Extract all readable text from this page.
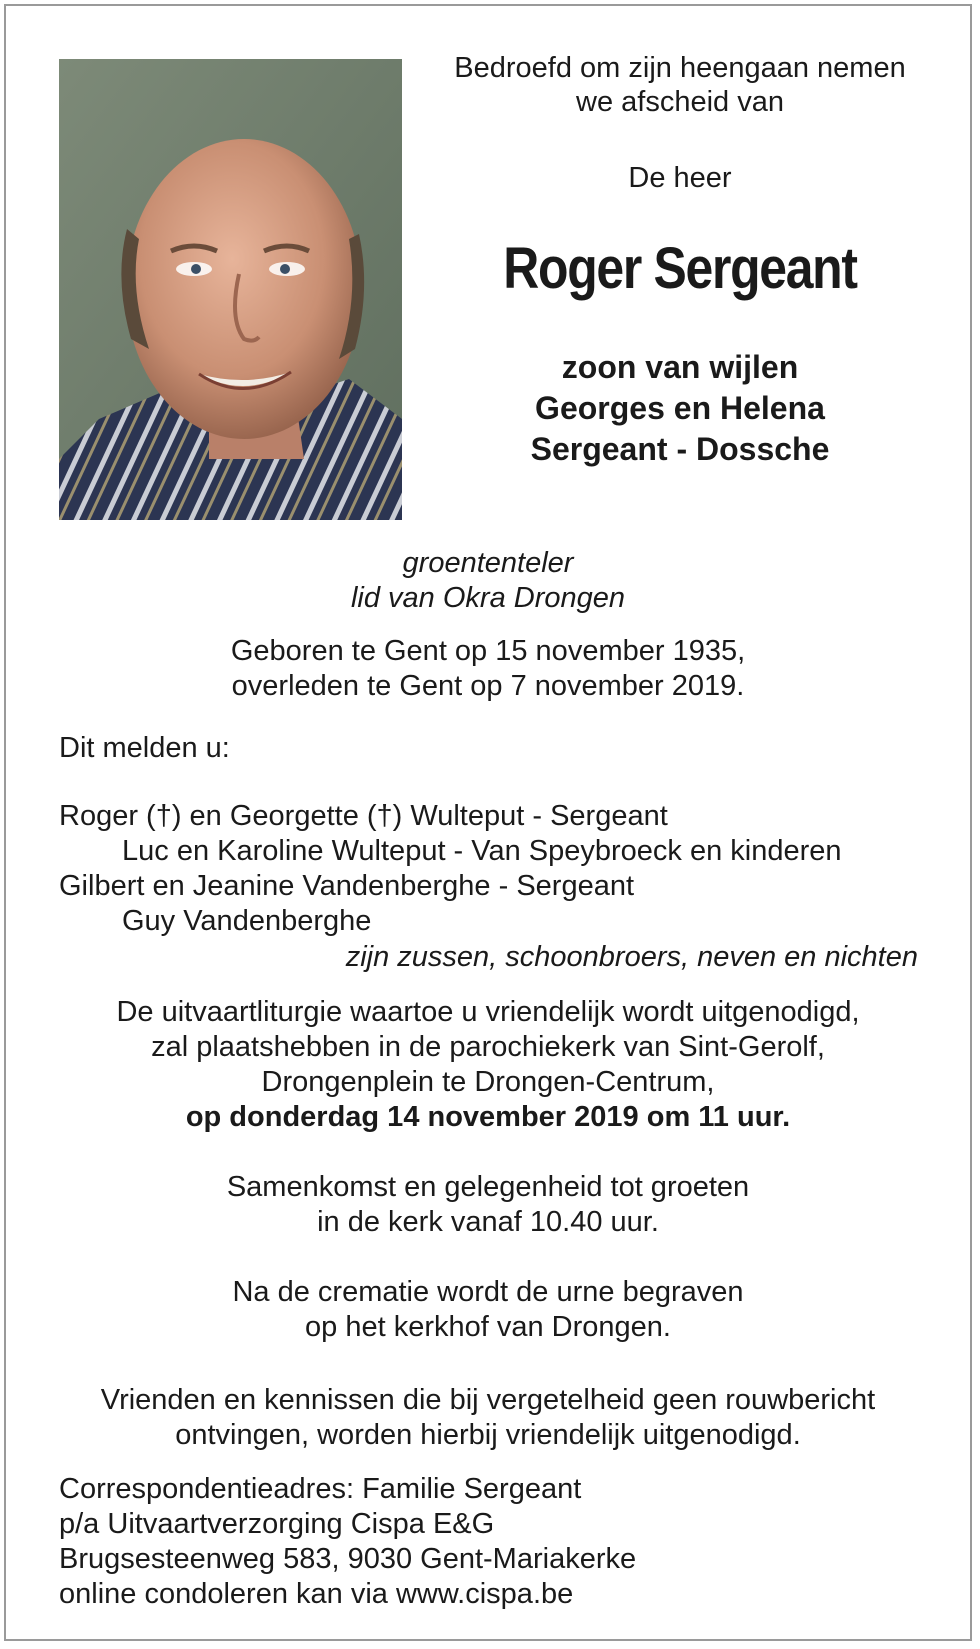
Bedroefd om zijn heengaan nemen
we afscheid van
De heer
Roger Sergeant
zoon van wijlen
Georges en Helena
Sergeant - Dossche
groententeler
lid van Okra Drongen
Geboren te Gent op 15 november 1935,
overleden te Gent op 7 november 2019.
Dit melden u:
Roger (†) en Georgette (†) Wulteput - Sergeant
Luc en Karoline Wulteput - Van Speybroeck en kinderen
Gilbert en Jeanine Vandenberghe - Sergeant
Guy Vandenberghe
zijn zussen, schoonbroers, neven en nichten
De uitvaartliturgie waartoe u vriendelijk wordt uitgenodigd,
zal plaatshebben in de parochiekerk van Sint-Gerolf,
Drongenplein te Drongen-Centrum,
op donderdag 14 november 2019 om 11 uur.
Samenkomst en gelegenheid tot groeten
in de kerk vanaf 10.40 uur.
Na de crematie wordt de urne begraven
op het kerkhof van Drongen.
Vrienden en kennissen die bij vergetelheid geen rouwbericht
ontvingen, worden hierbij vriendelijk uitgenodigd.
Correspondentieadres: Familie Sergeant
p/a Uitvaartverzorging Cispa E&G
Brugsesteenweg 583, 9030 Gent-Mariakerke
online condoleren kan via www.cispa.be
